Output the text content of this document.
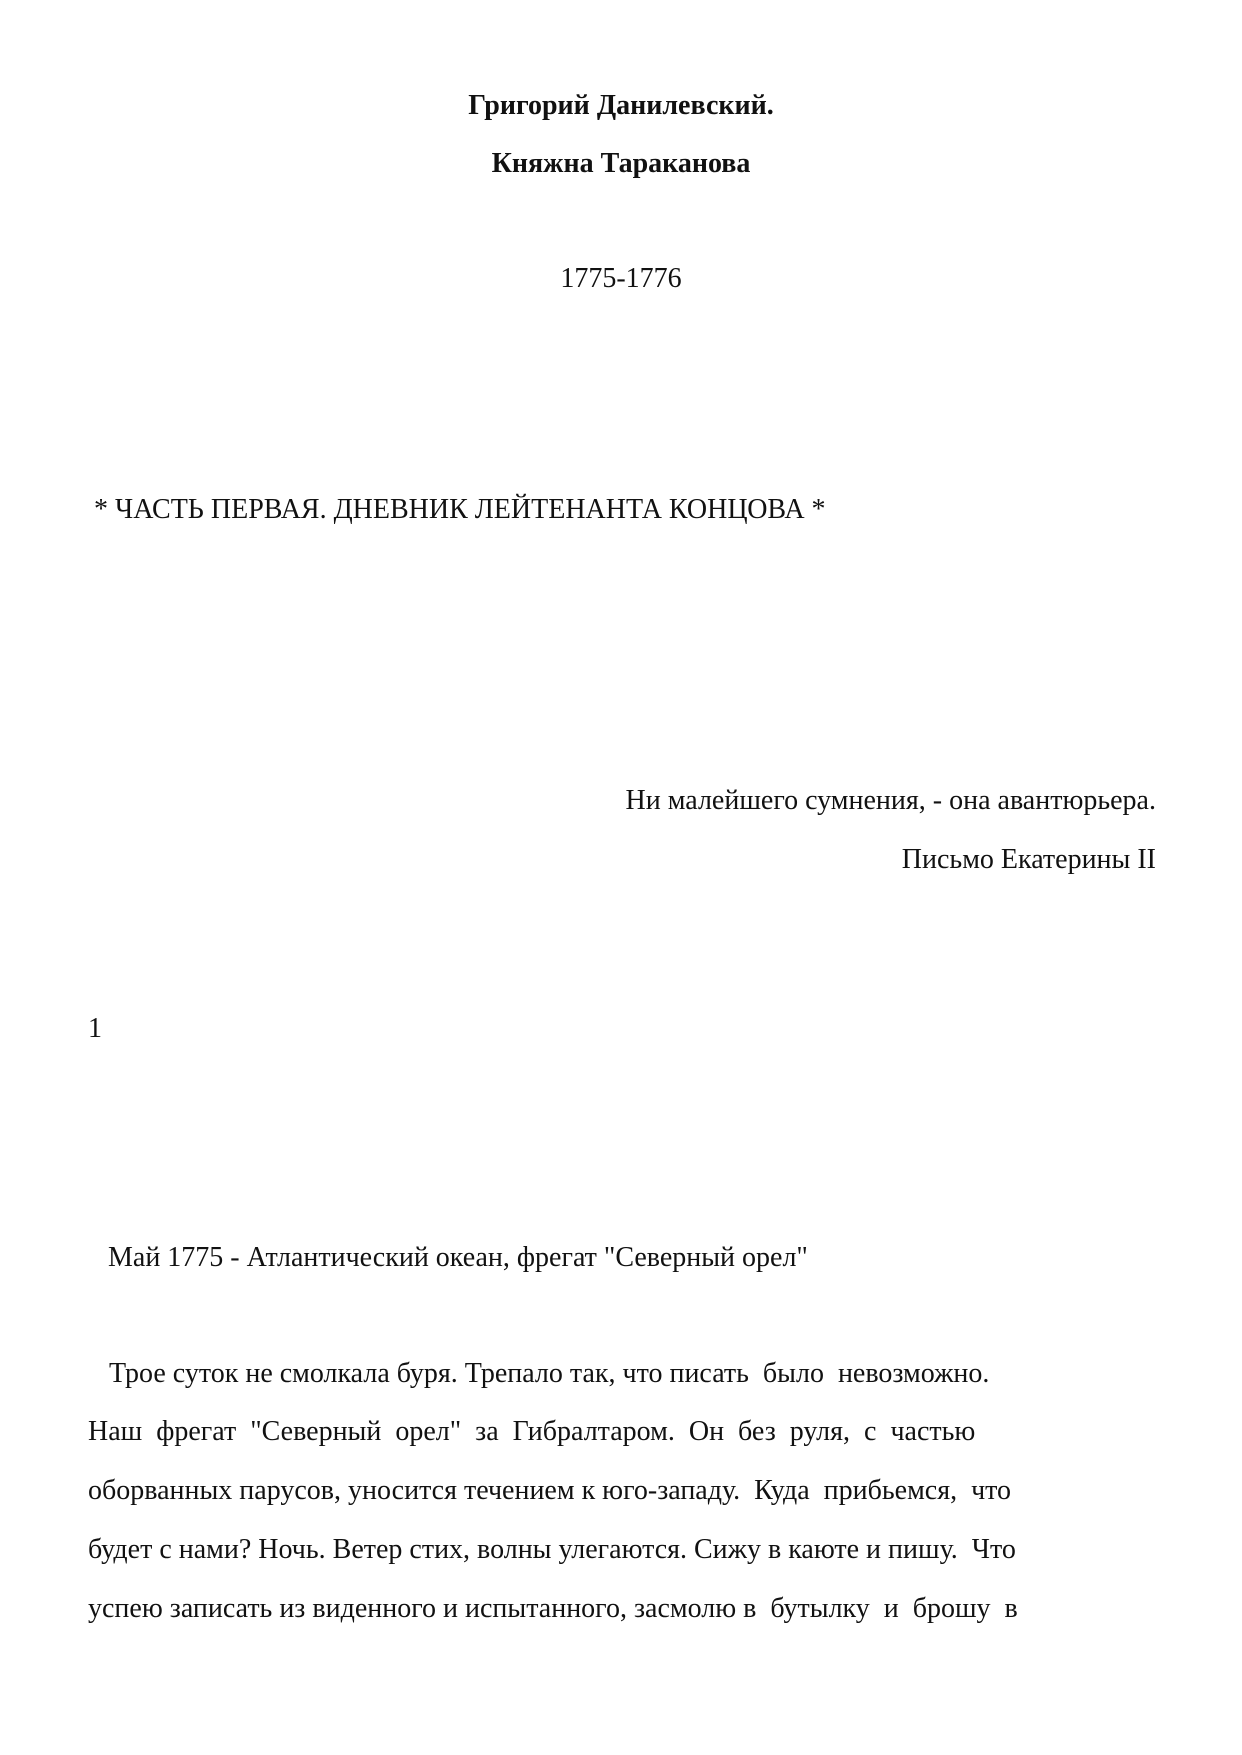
Григорий Данилевский.
Княжна Тараканова
1775-1776
* ЧАСТЬ ПЕРВАЯ. ДНЕВНИК ЛЕЙТЕНАНТА КОНЦОВА *
Ни малейшего сумнения, - она авантюрьера.
Письмо Екатерины II
1
Май 1775 - Атлантический океан, фрегат "Северный орел"
Трое суток не смолкала буря. Трепало так, что писать  было  невозможно.
Наш  фрегат  "Северный  орел"  за  Гибралтаром.  Он  без  руля,  с  частью
оборванных парусов, уносится течением к юго-западу.  Куда  прибьемся,  что
будет с нами? Ночь. Ветер стих, волны улегаются. Сижу в каюте и пишу.  Что
успею записать из виденного и испытанного, засмолю в  бутылку  и  брошу  в
